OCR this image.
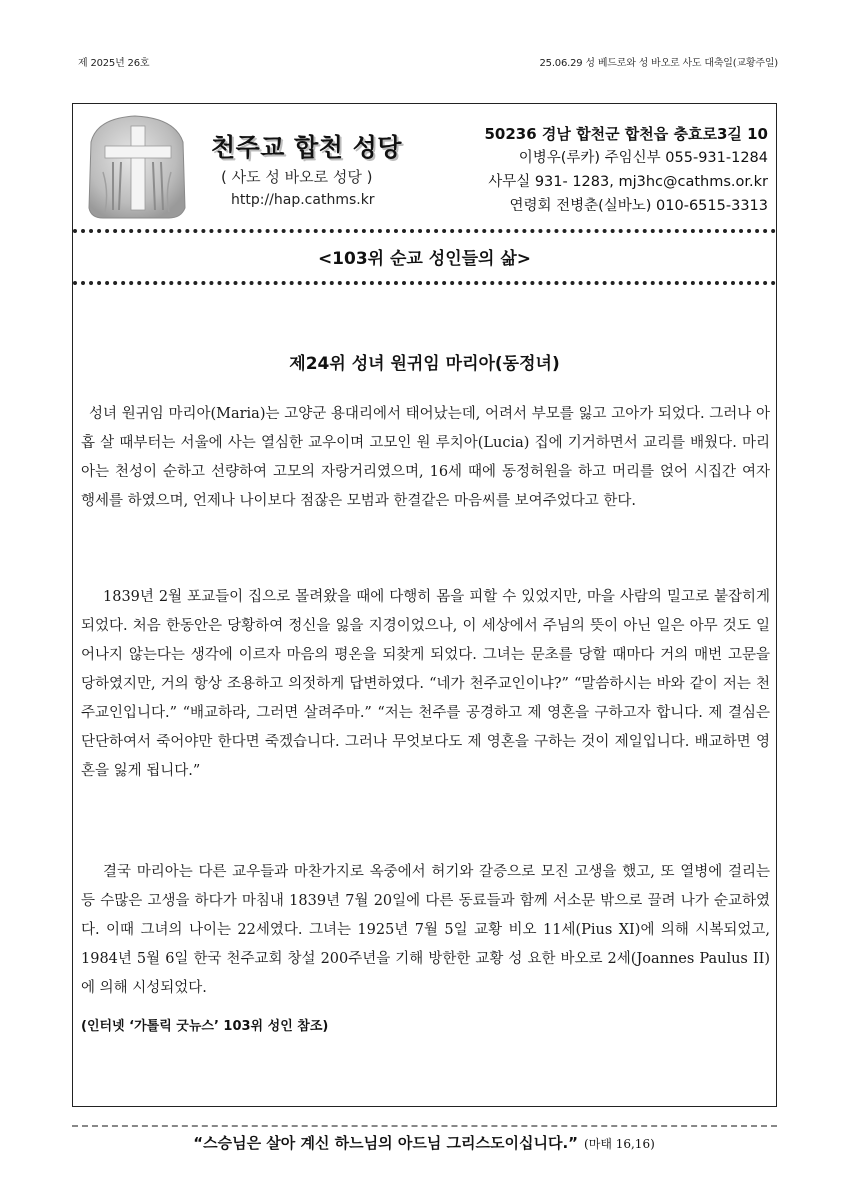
제 2025년 26호	25.06.29 성 베드로와 성 바오로 사도 대축일(교황주일)
천주교 합천 성당
( 사도 성 바오로 성당 )
http://hap.cathms.kr
50236 경남 합천군 합천읍 충효로3길 10
이병우(루카) 주임신부 055-931-1284
사무실 931- 1283, mj3hc@cathms.or.kr
연령회 전병춘(실바노) 010-6515-3313
<103위 순교 성인들의 삶>
제24위 성녀 원귀임 마리아(동정녀)

성녀 원귀임 마리아(Maria)는 고양군 용대리에서 태어났는데, 어려서 부모를 잃고 고아가 되었다. 그러나 아홉 살 때부터는 서울에 사는 열심한 교우이며 고모인 원 루치아(Lucia) 집에 기거하면서 교리를 배웠다. 마리아는 천성이 순하고 선량하여 고모의 자랑거리였으며, 16세 때에 동정허원을 하고 머리를 얹어 시집간 여자 행세를 하였으며, 언제나 나이보다 점잖은 모범과 한결같은 마음씨를 보여주었다고 한다.

1839년 2월 포교들이 집으로 몰려왔을 때에 다행히 몸을 피할 수 있었지만, 마을 사람의 밀고로 붙잡히게 되었다. 처음 한동안은 당황하여 정신을 잃을 지경이었으나, 이 세상에서 주님의 뜻이 아닌 일은 아무 것도 일어나지 않는다는 생각에 이르자 마음의 평온을 되찾게 되었다. 그녀는 문초를 당할 때마다 거의 매번 고문을 당하였지만, 거의 항상 조용하고 의젓하게 답변하였다. “네가 천주교인이냐?” “말씀하시는 바와 같이 저는 천주교인입니다.” “배교하라, 그러면 살려주마.” “저는 천주를 공경하고 제 영혼을 구하고자 합니다. 제 결심은 단단하여서 죽어야만 한다면 죽겠습니다. 그러나 무엇보다도 제 영혼을 구하는 것이 제일입니다. 배교하면 영혼을 잃게 됩니다.”

결국 마리아는 다른 교우들과 마찬가지로 옥중에서 허기와 갈증으로 모진 고생을 했고, 또 열병에 걸리는 등 수많은 고생을 하다가 마침내 1839년 7월 20일에 다른 동료들과 함께 서소문 밖으로 끌려 나가 순교하였다. 이때 그녀의 나이는 22세였다. 그녀는 1925년 7월 5일 교황 비오 11세(Pius XI)에 의해 시복되었고, 1984년 5월 6일 한국 천주교회 창설 200주년을 기해 방한한 교황 성 요한 바오로 2세(Joannes Paulus II)에 의해 시성되었다.

(인터넷 ‘가톨릭 굿뉴스’ 103위 성인 참조)
“스승님은 살아 계신 하느님의 아드님 그리스도이십니다.” (마태 16,16)
